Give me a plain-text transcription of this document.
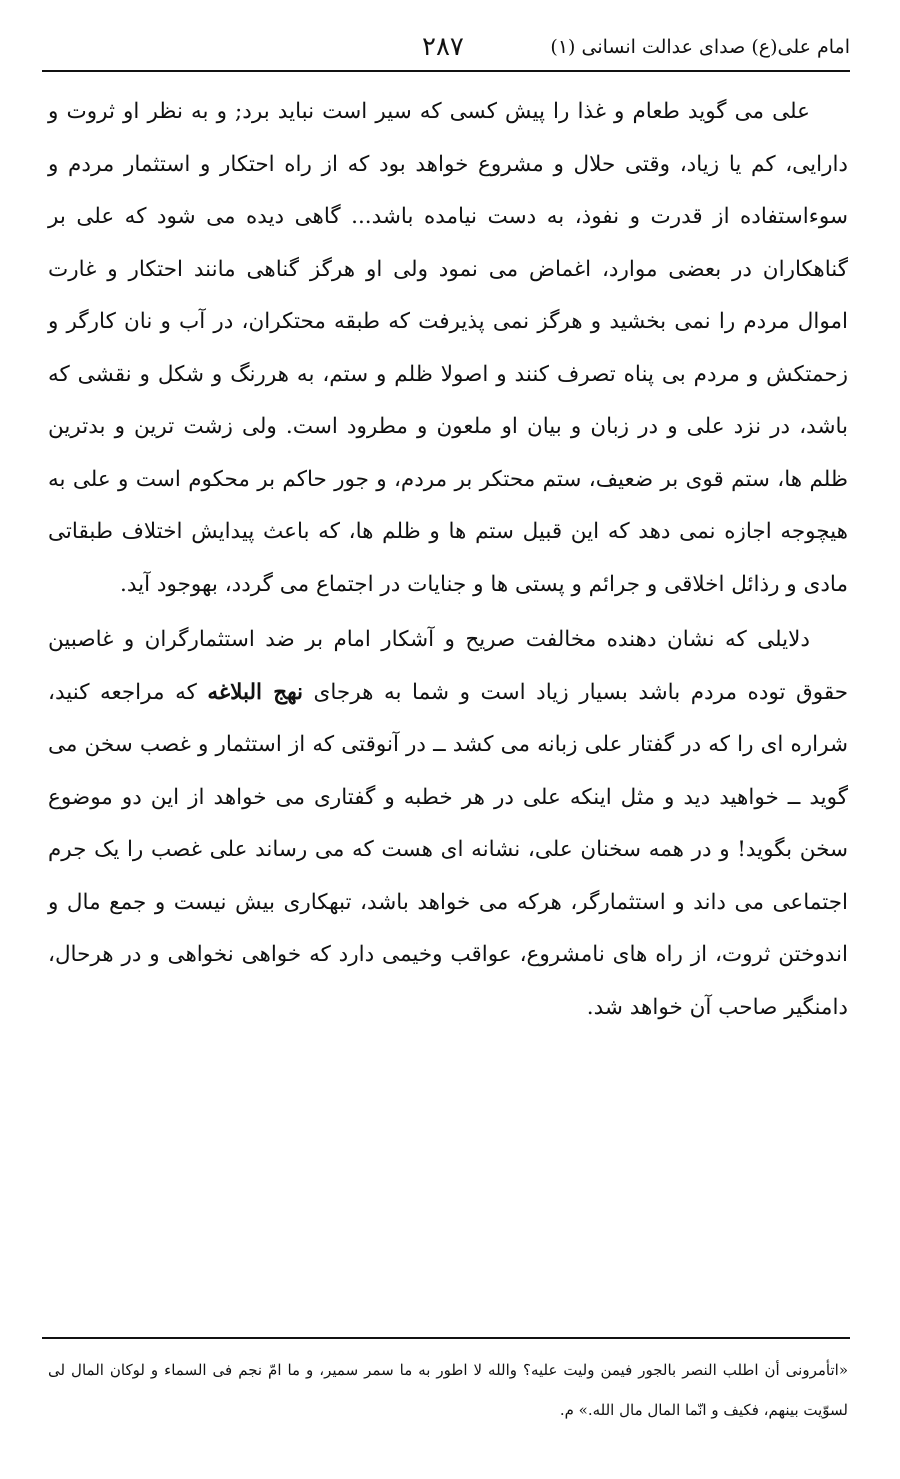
امام علی(ع) صدای عدالت انسانی (۱)
۲۸۷

علی می گوید طعام و غذا را پیش کسی که سیر است نباید برد; و به نظر او ثروت و دارایی، کم یا زیاد، وقتی حلال و مشروع خواهد بود که از راه احتکار و استثمار مردم و سوءاستفاده از قدرت و نفوذ، به دست نیامده باشد... گاهی دیده می شود که علی بر گناهکاران در بعضی موارد، اغماض می نمود ولی او هرگز گناهی مانند احتکار و غارت اموال مردم را نمی بخشید و هرگز نمی پذیرفت که طبقه محتکران، در آب و نان کارگر و زحمتکش و مردم بی پناه تصرف کنند و اصولا ظلم و ستم، به هررنگ و شکل و نقشی که باشد، در نزد علی و در زبان و بیان او ملعون و مطرود است. ولی زشت ترین و بدترین ظلم ها، ستم قوی بر ضعیف، ستم محتکر بر مردم، و جور حاکم بر محکوم است و علی به هیچوجه اجازه نمی دهد که این قبیل ستم ها و ظلم ها، که باعث پیدایش اختلاف طبقاتی مادی و رذائل اخلاقی و جرائم و پستی ها و جنایات در اجتماع می گردد، بهوجود آید.

دلایلی که نشان دهنده مخالفت صریح و آشکار امام بر ضد استثمارگران و غاصبین حقوق توده مردم باشد بسیار زیاد است و شما به هرجای نهج البلاغه که مراجعه کنید، شراره ای را که در گفتار علی زبانه می کشد ــ در آنوقتی که از استثمار و غصب سخن می گوید ــ خواهید دید و مثل اینکه علی در هر خطبه و گفتاری می خواهد از این دو موضوع سخن بگوید! و در همه سخنان علی، نشانه ای هست که می رساند علی غصب را یک جرم اجتماعی می داند و استثمارگر، هرکه می خواهد باشد، تبهکاری بیش نیست و جمع مال و اندوختن ثروت، از راه های نامشروع، عواقب وخیمی دارد که خواهی نخواهی و در هرحال، دامنگیر صاحب آن خواهد شد.

«اتأمرونی أن اطلب النصر بالجور فیمن ولیت علیه؟ والله لا اطور به ما سمر سمیر، و ما امّ نجم فی السماء و لوکان المال لی لسوّیت بینهم، فکیف و انّما المال مال الله.» م.
